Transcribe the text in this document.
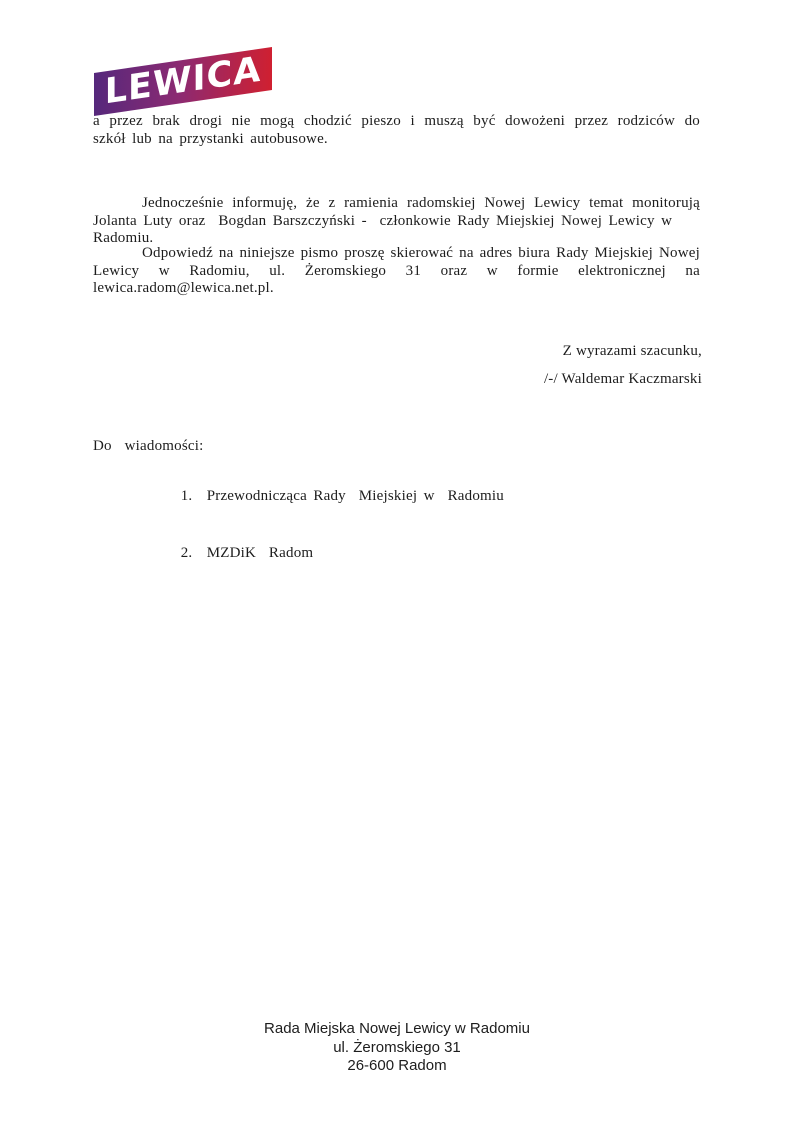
LEWICA
a przez brak drogi nie mogą chodzić pieszo i muszą być dowożeni przez rodziców do
szkół lub na przystanki autobusowe.
Jednocześnie informuję, że z ramienia radomskiej Nowej Lewicy temat monitorują
Jolanta Luty oraz  Bogdan Barszczyński -  członkowie Rady Miejskiej Nowej Lewicy w Radomiu.
Odpowiedź na niniejsze pismo proszę skierować na adres biura Rady Miejskiej Nowej
Lewicy w Radomiu, ul. Żeromskiego 31 oraz w formie elektronicznej na
lewica.radom@lewica.net.pl.
Z wyrazami szacunku,
/-/ Waldemar Kaczmarski
Do  wiadomości:

1. Przewodnicząca Rady  Miejskiej w  Radomiu

2. MZDiK  Radom

Rada Miejska Nowej Lewicy w Radomiu
ul. Żeromskiego 31
26-600 Radom
